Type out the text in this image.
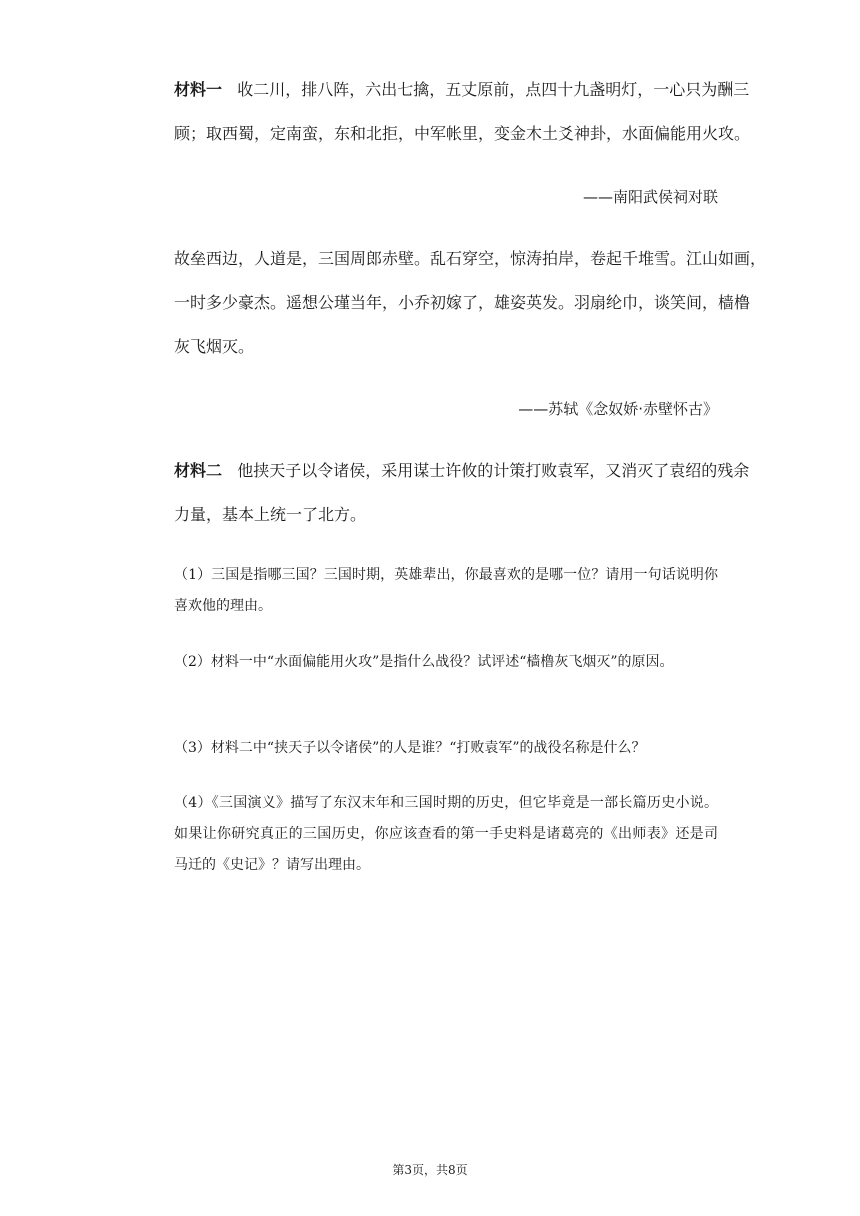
材料一 收二川，排八阵，六出七擒，五丈原前，点四十九盏明灯，一心只为酬三
顾；取西蜀，定南蛮，东和北拒，中军帐里，变金木土爻神卦，水面偏能用火攻。
——南阳武侯祠对联
故垒西边，人道是，三国周郎赤壁。乱石穿空，惊涛拍岸，卷起千堆雪。江山如画，
一时多少豪杰。遥想公瑾当年，小乔初嫁了，雄姿英发。羽扇纶巾，谈笑间，樯橹
灰飞烟灭。
——苏轼《念奴娇·赤壁怀古》
材料二 他挟天子以令诸侯，采用谋士许攸的计策打败袁军，又消灭了袁绍的残余
力量，基本上统一了北方。
（1）三国是指哪三国？三国时期，英雄辈出，你最喜欢的是哪一位？请用一句话说明你喜欢他的理由。
（2）材料一中“水面偏能用火攻”是指什么战役？试评述“樯橹灰飞烟灭”的原因。
（3）材料二中“挟天子以令诸侯”的人是谁？“打败袁军”的战役名称是什么？
（4）《三国演义》描写了东汉末年和三国时期的历史，但它毕竟是一部长篇历史小说。如果让你研究真正的三国历史，你应该查看的第一手史料是诸葛亮的《出师表》还是司马迁的《史记》？请写出理由。
第3页，共8页
